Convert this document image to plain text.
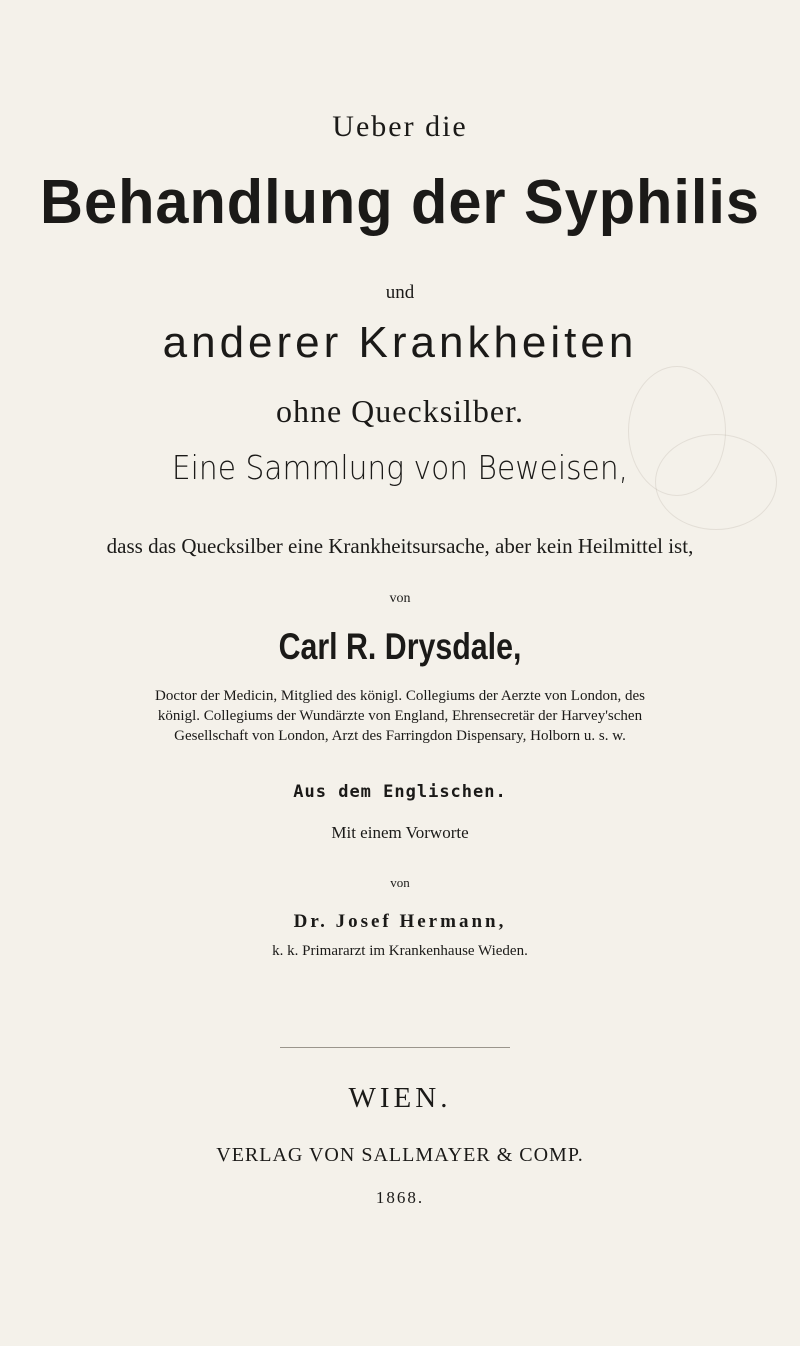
Ueber die
Behandlung der Syphilis
und
anderer Krankheiten
ohne Quecksilber.
Eine Sammlung von Beweisen,
dass das Quecksilber eine Krankheitsursache, aber kein Heilmittel ist,
von
Carl R. Drysdale,
Doctor der Medicin, Mitglied des königl. Collegiums der Aerzte von London, des königl. Collegiums der Wundärzte von England, Ehrensecretär der Harvey'schen Gesellschaft von London, Arzt des Farringdon Dispensary, Holborn u. s. w.
Aus dem Englischen.
Mit einem Vorworte
von
Dr. Josef Hermann,
k. k. Primararzt im Krankenhause Wieden.
WIEN.
VERLAG VON SALLMAYER & COMP.
1868.
